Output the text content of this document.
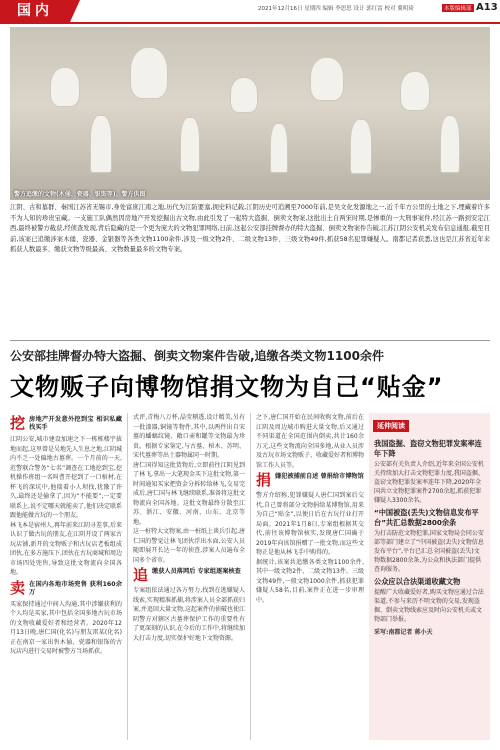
国内	2021年12月16日 星期四 编辑 李思思 设计 郭红雷 校对 冀明琦	本版编辑部 A13
警方追缴的文物(木俑、瓷器、银饰等)。警方供图
江阴、古和墓群、秦国江苏省无锡市,身处富庶江南之地,历代为江防要塞,拥史料记载,江阴历史可追溯至7000年前,是吴文化发源地之一,近千年方公里的土地之下,埋藏着许多不为人知的珍贵宝藏。一支施工队偶然因房地产开发挖掘出古文物,由此引发了一起特大盗掘、倒卖文物案,这批出土自两宋时期,是惨重的一大刑事案件,经江苏一路到安定江西,最终被警方截获,经侦查发现,背后隐藏的是一个更为庞大的文物犯罪网络,日前,这起公安部挂牌督办的特大盗掘、倒卖文物案件告破,江苏江阴公安机关发布信息通报,截至目前,该案已追缴涉案木俑、瓷器、金银器等各类文物1100余件,涉及一级文物2件、二级文物13件、三级文物49件,抓获58名犯罪嫌疑人。南都记者获悉,这也是江苏省近年来抓获人数最多、缴获文物等级最高、文物数量最多的文物专案。
公安部挂牌督办特大盗掘、倒卖文物案件告破,追缴各类文物1100余件
文物贩子向博物馆捐文物为自己“贴金”
挖 房地产开发意外挖到宝 相识私藏找买手

江阴公安,城市建设加速之下一栋栋楼宇拔地而起,这里曾是吴地先人生息之地,江阴城内不乏一处偏地古墓葬。一个月前的一天,范警联合警务“七名”调查在工地挖到宝,挖机操作班组一名叫曹开挖到了一口棺材,在杯飞的深坑中,他揣着小人坝找,犹豫了许久,最终还是偷拿了,因为“不能要”,一定要联系上,说不定哪天就能卖了,他们决定联系跟他能做古玩的一个朋友。

林飞本是宿州人,再年前来江阴寻差事,后来认识了做古玩的朋友,在江阴开设了两家古玩店铺,新开的文物贩子和古玩店老板组成团伙,在多方施压下,团伙在古玩商城和周边市场四处兜售,导致这批文物流向全国各地。

卖 在国内各地市场兜售 获利160余万

买家保持通过中间人沟通,其中涉嫌获利的个人均是买家,其中包括全国多地古玩市场的文物收藏爱好者和经营者。2020年12月13日晚,唐仁国(化名)与朋友雷某(化名)正在南京一家出售木俑、瓷器和银饰的古玩店内进行交易时被警方当场抓获。

式评,青梅八万杯,晶莹剔透,设计精美,另有一批漆器,铜镜等物件,其中,以两件出自宋墓的蟠螭纹镜、敞口壶和罐等文物最为珍贵。根据专家鉴定,与古墓、棺木、苏明、宋代墓葬等出土器物属同一时期。

唐仁国得知这批货物后,立即前往江阴见到了林飞,拿出一大笔现金买下这批文物,第一时间通知买家把资金分拆转给林飞,交易完成后,唐仁国与林飞继续联系,准备将这批文物流向全国各地。这批文物最终分散至江苏、浙江、安徽、河南、山东、北京等地。

这一桩特大文物案,由一桩纸上谈兵引起,唐仁国的警觉让林飞团伙浮出水面,公安人员随即展开长达一年的侦查,涉案人员遍布全国多个省市。

追 缴获人员落网后 专家组逐案核查

专案组依法通过各方努力,找到在逃嫌疑人线索,实现精准抓捕,将涉案人员全部抓获归案,并追回大量文物,这起案件的侦破也使江阴警方对辖区古墓葬保护工作的重要性有了更深刻的认识,在今后的工作中,将继续加大打击力度,切实保护好地下文物资源。

之下,唐仁国开始在民间收购文物,前后在江阴及周边城市购进大量文物,后又通过不同渠道在全国范围内倒卖,共计160余万元,这些文物流向全国多地,从业人员涉及古玩市场文物贩子、收藏爱好者和博物馆工作人员等。

捐 嫌犯被捕前自述 曾捐给市博物馆

警方介绍称,犯罪嫌疑人唐仁国到案后交代,自己曾将部分文物捐给某博物馆,用来为自己“贴金”,以便日后在古玩行业打开局面。2021年1月8日,专案组根据其交代,前往该博物馆核实,发现唐仁国确于2019年向该馆捐赠了一批文物,而这些文物正是他从林飞手中购得的。

据统计,该案共追缴各类文物1100余件,其中一级文物2件、二级文物13件、三级文物49件,一般文物1000余件,抓获犯罪嫌疑人58名,目前,案件正在进一步审理中。

延伸阅读
我国盗掘、盗窃文物犯罪发案率连年下降
公安部有关负责人介绍,近年来全国公安机关持续加大打击文物犯罪力度,我国盗掘、盗窃文物犯罪发案率连年下降,2020年全国共立文物犯罪案件2700余起,抓获犯罪嫌疑人3300余名。
“中国被盗(丢失)文物信息发布平台”共汇总数据2800余条
为打击防范文物犯罪,国家文物局会同公安部等部门建立了“中国被盗(丢失)文物信息发布平台”,平台已汇总全国被盗(丢失)文物数据2800余条,为公众和执法部门提供查询服务。
公众应以合法渠道收藏文物
提醒广大收藏爱好者,购买文物应通过合法渠道,不参与来历不明文物的交易,发现盗掘、倒卖文物线索应及时向公安机关或文物部门举报。
采写:南都记者 蒋小天
